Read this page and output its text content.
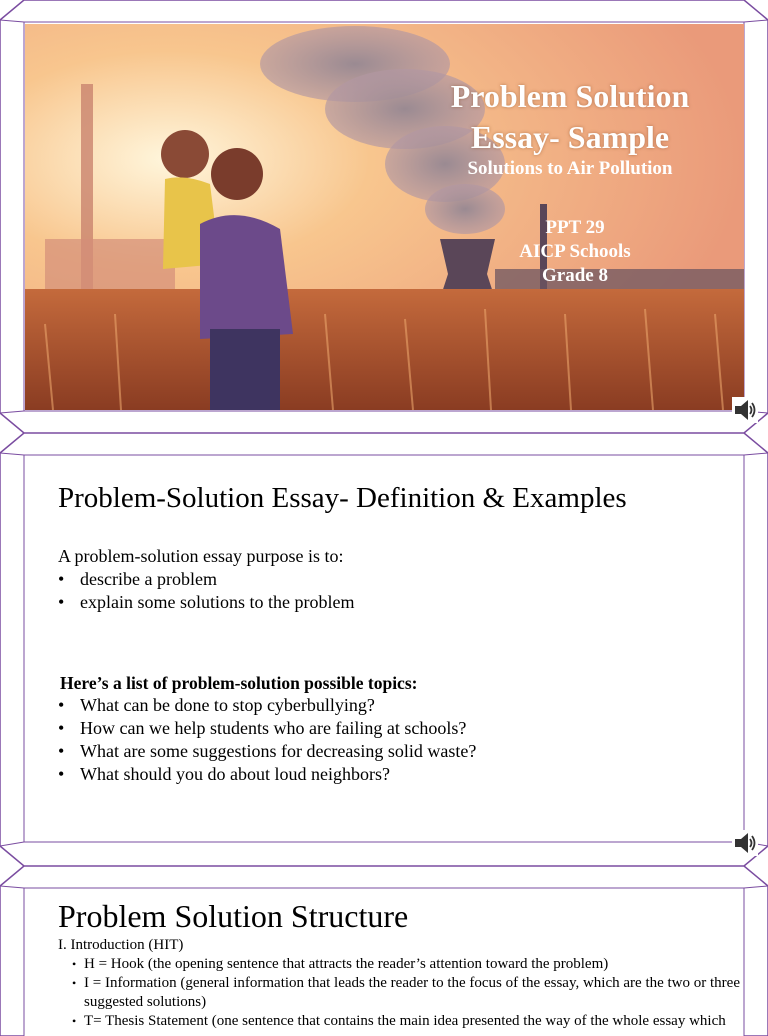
Problem Solution
Essay- Sample
Solutions to Air Pollution
PPT 29
AICP Schools
Grade 8
Problem-Solution Essay- Definition & Examples
A problem-solution essay purpose is to:
• describe a problem
• explain some solutions to the problem
Here’s a list of problem-solution possible topics:
• What can be done to stop cyberbullying?
• How can we help students who are failing at schools?
• What are some suggestions for decreasing solid waste?
• What should you do about loud neighbors?
Problem Solution Structure
I. Introduction (HIT)
• H = Hook (the opening sentence that attracts the reader’s attention toward the problem)
• I = Information (general information that leads the reader to the focus of the essay, which are the two or three suggested solutions)
• T= Thesis Statement (one sentence that contains the main idea presented the way of the whole essay which
